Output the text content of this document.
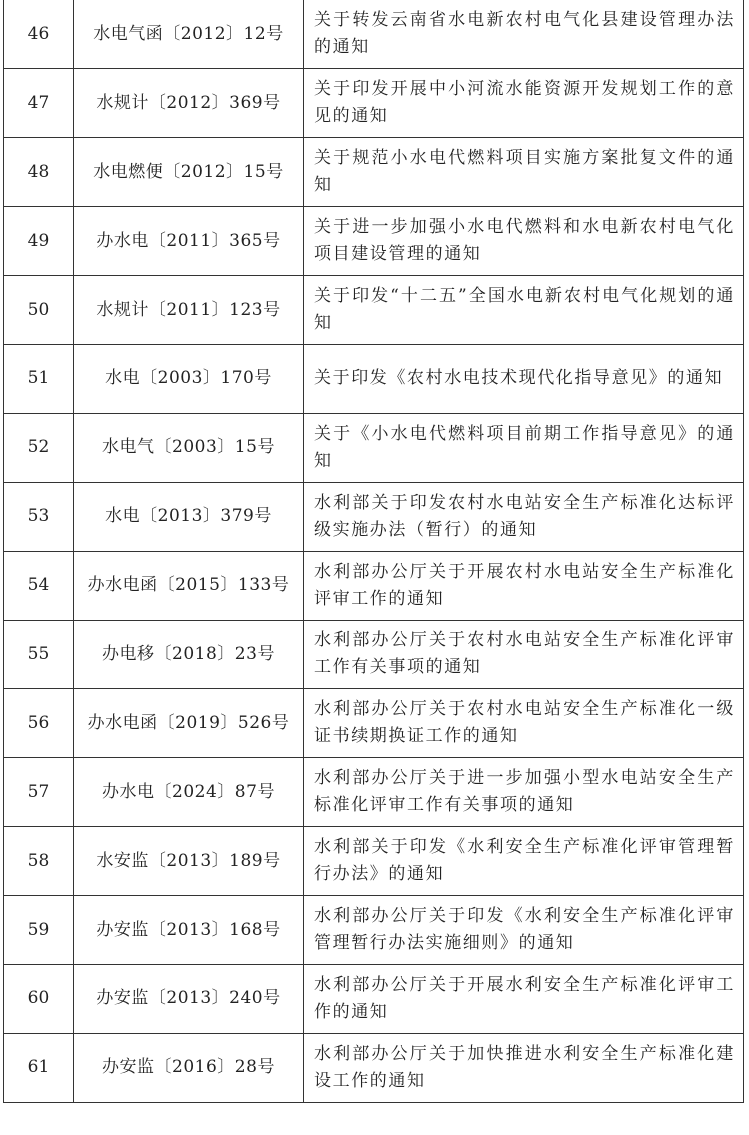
46	水电气函〔2012〕12号	关于转发云南省水电新农村电气化县建设管理办法的通知
47	水规计〔2012〕369号	关于印发开展中小河流水能资源开发规划工作的意见的通知
48	水电燃便〔2012〕15号	关于规范小水电代燃料项目实施方案批复文件的通知
49	办水电〔2011〕365号	关于进一步加强小水电代燃料和水电新农村电气化项目建设管理的通知
50	水规计〔2011〕123号	关于印发“十二五”全国水电新农村电气化规划的通知
51	水电〔2003〕170号	关于印发《农村水电技术现代化指导意见》的通知
52	水电气〔2003〕15号	关于《小水电代燃料项目前期工作指导意见》的通知
53	水电〔2013〕379号	水利部关于印发农村水电站安全生产标准化达标评级实施办法（暂行）的通知
54	办水电函〔2015〕133号	水利部办公厅关于开展农村水电站安全生产标准化评审工作的通知
55	办电移〔2018〕23号	水利部办公厅关于农村水电站安全生产标准化评审工作有关事项的通知
56	办水电函〔2019〕526号	水利部办公厅关于农村水电站安全生产标准化一级证书续期换证工作的通知
57	办水电〔2024〕87号	水利部办公厅关于进一步加强小型水电站安全生产标准化评审工作有关事项的通知
58	水安监〔2013〕189号	水利部关于印发《水利安全生产标准化评审管理暂行办法》的通知
59	办安监〔2013〕168号	水利部办公厅关于印发《水利安全生产标准化评审管理暂行办法实施细则》的通知
60	办安监〔2013〕240号	水利部办公厅关于开展水利安全生产标准化评审工作的通知
61	办安监〔2016〕28号	水利部办公厅关于加快推进水利安全生产标准化建设工作的通知
